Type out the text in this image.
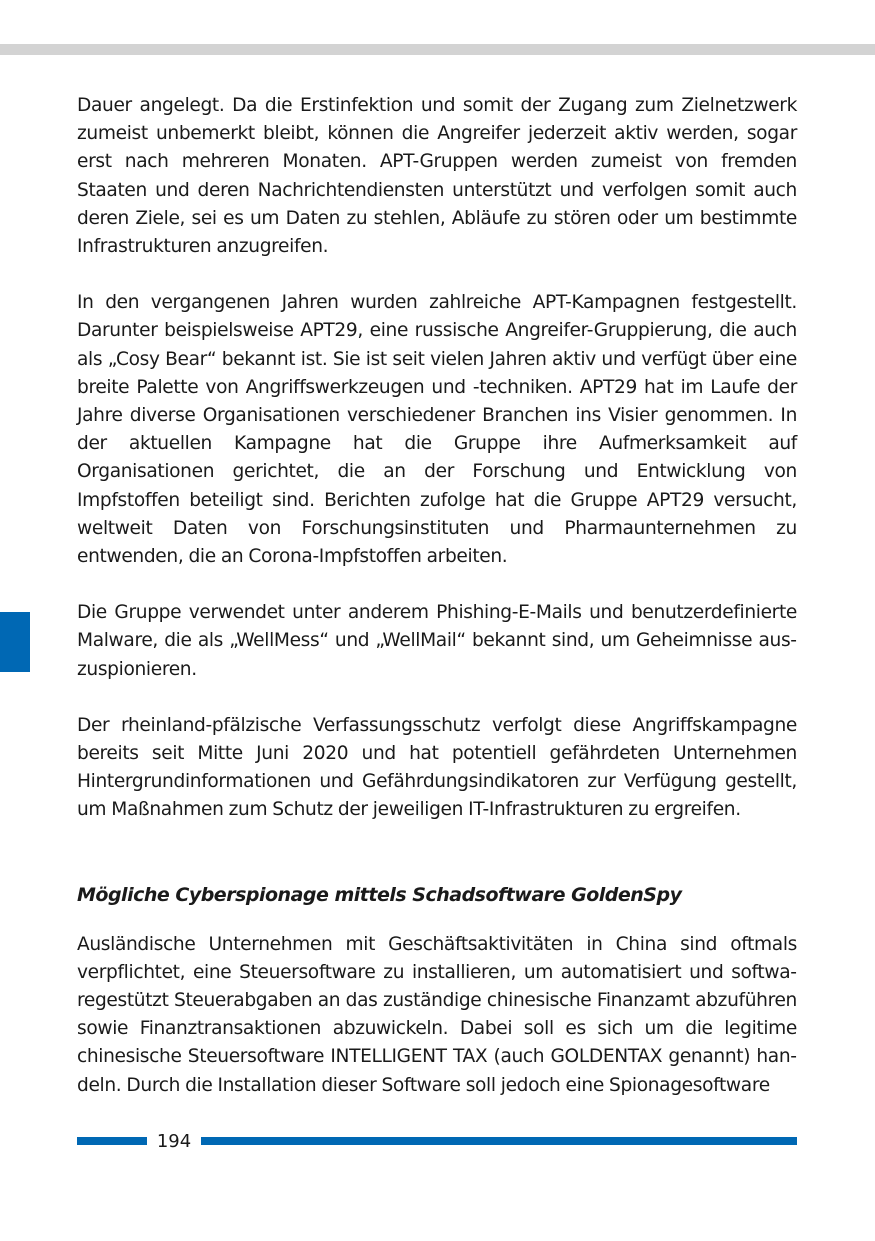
Dauer angelegt. Da die Erstinfektion und somit der Zugang zum Zielnetzwerk zumeist unbemerkt bleibt, können die Angreifer jederzeit aktiv werden, sogar erst nach mehreren Monaten. APT-Gruppen werden zumeist von fremden Staaten und deren Nachrichtendiensten unterstützt und verfolgen somit auch deren Ziele, sei es um Daten zu stehlen, Abläufe zu stören oder um bestimmte Infrastrukturen anzugreifen.

In den vergangenen Jahren wurden zahlreiche APT-Kampagnen festgestellt. Darunter beispielsweise APT29, eine russische Angreifer-Gruppierung, die auch als „Cosy Bear“ bekannt ist. Sie ist seit vielen Jahren aktiv und verfügt über eine breite Palette von Angriffswerkzeugen und -techniken. APT29 hat im Laufe der Jahre diverse Organisationen verschiedener Branchen ins Visier genommen. In der aktuellen Kampagne hat die Gruppe ihre Aufmerksamkeit auf Organisationen gerichtet, die an der Forschung und Entwicklung von Impfstoffen beteiligt sind. Berichten zufolge hat die Gruppe APT29 versucht, weltweit Daten von Forschungsinstituten und Pharmaunternehmen zu entwenden, die an Corona-Impfstoffen arbeiten.

Die Gruppe verwendet unter anderem Phishing-E-Mails und benutzerdefinierte Malware, die als „WellMess“ und „WellMail“ bekannt sind, um Geheimnisse auszuspionieren.

Der rheinland-pfälzische Verfassungsschutz verfolgt diese Angriffskampagne bereits seit Mitte Juni 2020 und hat potentiell gefährdeten Unternehmen Hintergrundinformationen und Gefährdungsindikatoren zur Verfügung gestellt, um Maßnahmen zum Schutz der jeweiligen IT-Infrastrukturen zu ergreifen.

Mögliche Cyberspionage mittels Schadsoftware GoldenSpy

Ausländische Unternehmen mit Geschäftsaktivitäten in China sind oftmals verpflichtet, eine Steuersoftware zu installieren, um automatisiert und softwaregestützt Steuerabgaben an das zuständige chinesische Finanzamt abzuführen sowie Finanztransaktionen abzuwickeln. Dabei soll es sich um die legitime chinesische Steuersoftware INTELLIGENT TAX (auch GOLDENTAX genannt) handeln. Durch die Installation dieser Software soll jedoch eine Spionagesoftware

194
